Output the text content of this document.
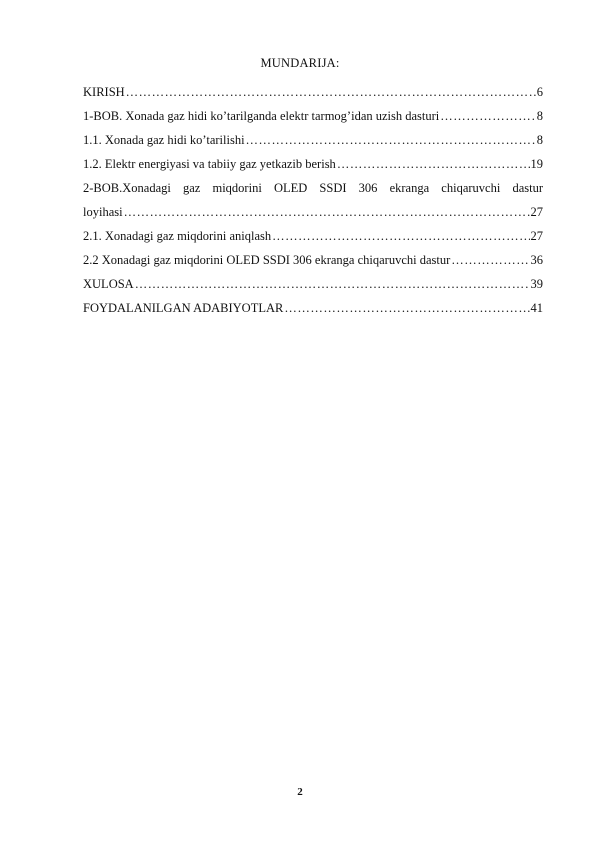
MUNDARIJA:
KIRISH ………………………………………………………………………………………………………………………………………………………………………………………	6
1-BOB. Xonada gaz hidi ko’tarilganda elektr tarmog’idan uzish dasturi ………………………………………………………………………………………………………………………………………………………………………………………	8
1.1. Xonada gaz hidi ko’tarilishi ………………………………………………………………………………………………………………………………………………………………………………………	8
1.2. Elektr energiyasi va tabiiy gaz yetkazib berish ………………………………………………………………………………………………………………………………………………………………………………………	19
2-BOB.Xonadagi gaz miqdorini OLED SSDI 306 ekranga chiqaruvchi dastur
loyihasi ………………………………………………………………………………………………………………………………………………………………………………………	27
2.1. Xonadagi gaz miqdorini aniqlash ………………………………………………………………………………………………………………………………………………………………………………………	27
2.2 Xonadagi gaz miqdorini OLED SSDI 306 ekranga chiqaruvchi dastur ………………………………………………………………………………………………………………………………………………………………………………………	36
XULOSA ………………………………………………………………………………………………………………………………………………………………………………………	39
FOYDALANILGAN ADABIYOTLAR ………………………………………………………………………………………………………………………………………………………………………………………	41
2
